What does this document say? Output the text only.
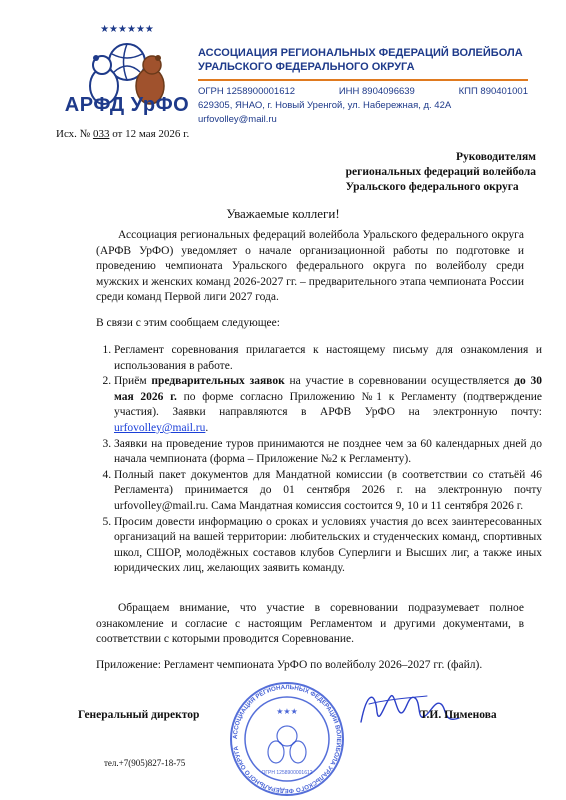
★★★★★★
АРФД УрФО
АССОЦИАЦИЯ РЕГИОНАЛЬНЫХ ФЕДЕРАЦИЙ ВОЛЕЙБОЛА
УРАЛЬСКОГО ФЕДЕРАЛЬНОГО ОКРУГА
ОГРН 1258900001612	ИНН 8904096639	КПП 890401001
629305, ЯНАО, г. Новый Уренгой, ул. Набережная, д. 42А
urfovolley@mail.ru
Исх. № 033 от 12 мая 2026 г.
Руководителям
региональных федераций волейбола
Уральского федерального округа
Уважаемые коллеги!
Ассоциация региональных федераций волейбола Уральского федерального округа (АРФВ УрФО) уведомляет о начале организационной работы по подготовке и проведению чемпионата Уральского федерального округа по волейболу среди мужских и женских команд 2026-2027 гг. – предварительного этапа чемпионата России среди команд Первой лиги 2027 года.
В связи с этим сообщаем следующее:
1. Регламент соревнования прилагается к настоящему письму для ознакомления и использования в работе.
2. Приём предварительных заявок на участие в соревновании осуществляется до 30 мая 2026 г. по форме согласно Приложению №1 к Регламенту (подтверждение участия). Заявки направляются в АРФВ УрФО на электронную почту: urfovolley@mail.ru.
3. Заявки на проведение туров принимаются не позднее чем за 60 календарных дней до начала чемпионата (форма – Приложение №2 к Регламенту).
4. Полный пакет документов для Мандатной комиссии (в соответствии со статьёй 46 Регламента) принимается до 01 сентября 2026 г. на электронную почту urfovolley@mail.ru. Сама Мандатная комиссия состоится 9, 10 и 11 сентября 2026 г.
5. Просим довести информацию о сроках и условиях участия до всех заинтересованных организаций на вашей территории: любительских и студенческих команд, спортивных школ, СШОР, молодёжных составов клубов Суперлиги и Высших лиг, а также иных юридических лиц, желающих заявить команду.
Обращаем внимание, что участие в соревновании подразумевает полное ознакомление и согласие с настоящим Регламентом и другими документами, в соответствии с которыми проводится Соревнование.
Приложение: Регламент чемпионата УрФО по волейболу 2026–2027 гг. (файл).
АССОЦИАЦИЯ РЕГИОНАЛЬНЫХ ФЕДЕРАЦИЙ ВОЛЕЙБОЛА УРАЛЬСКОГО ФЕДЕРАЛЬНОГО ОКРУГА
★★★
ОГРН 1258900001612
Генеральный директор	Т.И. Пименова
тел.+7(905)827-18-75
